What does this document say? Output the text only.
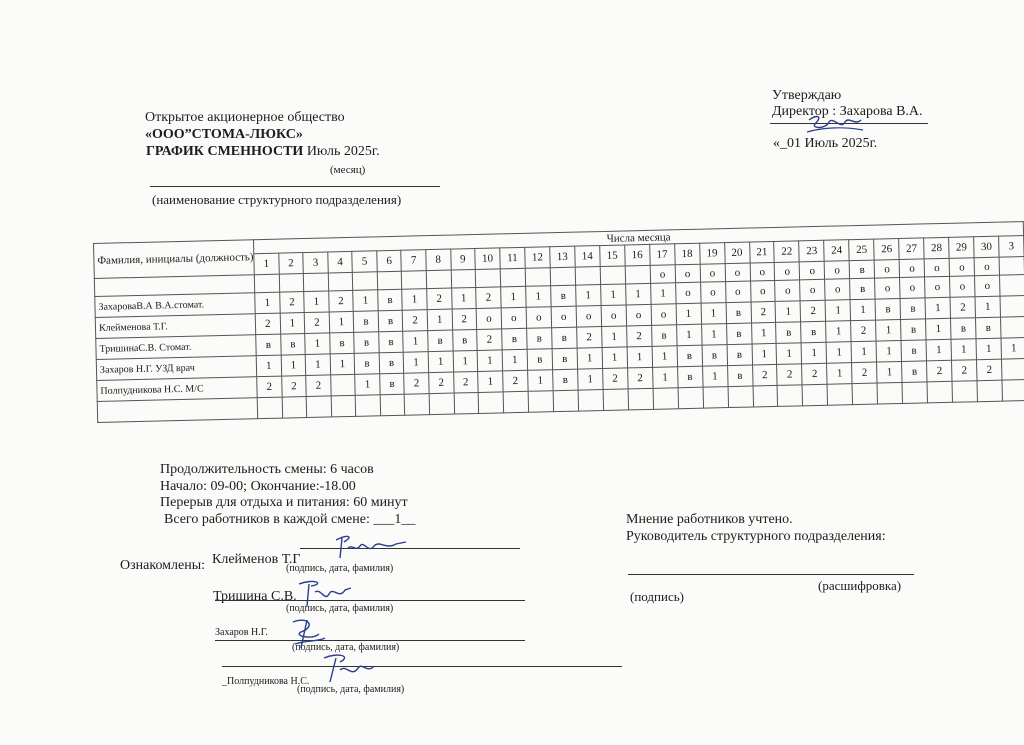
Открытое акционерное общество
«ООО”СТОМА-ЛЮКС»
ГРАФИК СМЕННОСТИ Июль 2025г.
(месяц)
(наименование структурного подразделения)
Утверждаю
Директор : Захарова В.А.
«_01 Июль 2025г.
Фамилия, инициалы (должность)	Числа месяца																														
	1	2	3	4	5	6	7	8	9	10	11	12	13	14	15	16	17	18	19	20	21	22	23	24	25	26	27	28	29	30	3
																	о	о	о	о	о	о	о	о	в	о	о	о	о	о	
ЗахароваВ.А В.А.стомат.	1	2	1	2	1	в	1	2	1	2	1	1	в	1	1	1	1	о	о	о	о	о	о	о	в	о	о	о	о	о	
Клейменова Т.Г.	2	1	2	1	в	в	2	1	2	о	о	о	о	о	о	о	о	1	1	в	2	1	2	1	1	в	в	1	2	1	
ТришинаС.В. Стомат.	в	в	1	в	в	в	1	в	в	2	в	в	в	2	1	2	в	1	1	в	1	в	в	1	2	1	в	1	в	в	
Захаров Н.Г. УЗД врач	1	1	1	1	в	в	1	1	1	1	1	в	в	1	1	1	1	в	в	в	1	1	1	1	1	1	в	1	1	1	1
Полпудникова Н.С. М/С	2	2	2		1	в	2	2	2	1	2	1	в	1	2	2	1	в	1	в	2	2	2	1	2	1	в	2	2	2	

Продолжительность смены: 6 часов
Начало: 09-00; Окончание:-18.00
Перерыв для отдыха и питания: 60 минут
Всего работников в каждой смене: ___1__
Ознакомлены: Клейменов Т.Г
(подпись, дата, фамилия)
Тришина С.В.
(подпись, дата, фамилия)
Захаров Н.Г.
(подпись, дата, фамилия)
_Полпудникова Н.С.
(подпись, дата, фамилия)
Мнение работников учтено.
Руководитель структурного подразделения:
(подпись)
(расшифровка)
